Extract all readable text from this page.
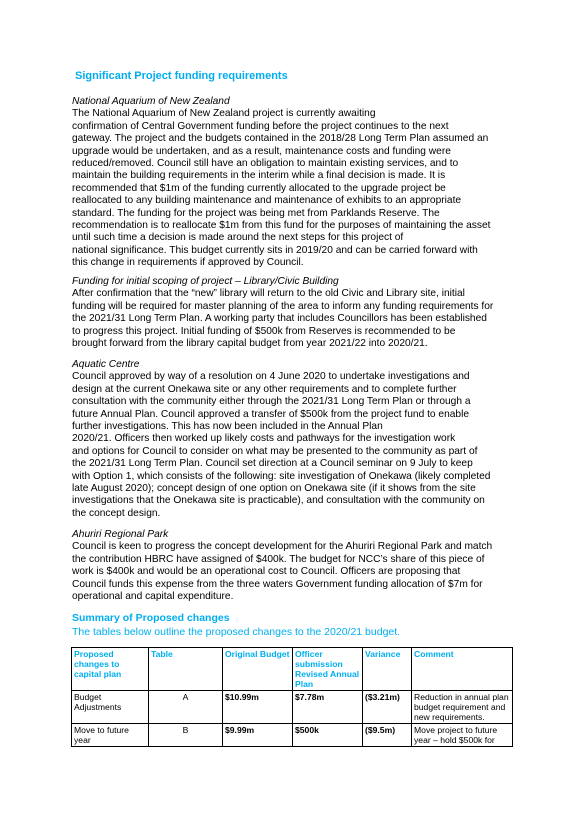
Significant Project funding requirements
National Aquarium of New Zealand
The National Aquarium of New Zealand project is currently awaiting
confirmation of Central Government funding before the project continues to the next
gateway. The project and the budgets contained in the 2018/28 Long Term Plan assumed an
upgrade would be undertaken, and as a result, maintenance costs and funding were
reduced/removed. Council still have an obligation to maintain existing services, and to
maintain the building requirements in the interim while a final decision is made. It is
recommended that $1m of the funding currently allocated to the upgrade project be
reallocated to any building maintenance and maintenance of exhibits to an appropriate
standard. The funding for the project was being met from Parklands Reserve. The
recommendation is to reallocate $1m from this fund for the purposes of maintaining the asset
until such time a decision is made around the next steps for this project of
national significance. This budget currently sits in 2019/20 and can be carried forward with
this change in requirements if approved by Council.
Funding for initial scoping of project – Library/Civic Building
After confirmation that the “new” library will return to the old Civic and Library site, initial
funding will be required for master planning of the area to inform any funding requirements for
the 2021/31 Long Term Plan. A working party that includes Councillors has been established
to progress this project. Initial funding of $500k from Reserves is recommended to be
brought forward from the library capital budget from year 2021/22 into 2020/21.
Aquatic Centre
Council approved by way of a resolution on 4 June 2020 to undertake investigations and
design at the current Onekawa site or any other requirements and to complete further
consultation with the community either through the 2021/31 Long Term Plan or through a
future Annual Plan. Council approved a transfer of $500k from the project fund to enable
further investigations. This has now been included in the Annual Plan
2020/21. Officers then worked up likely costs and pathways for the investigation work
and options for Council to consider on what may be presented to the community as part of
the 2021/31 Long Term Plan. Council set direction at a Council seminar on 9 July to keep
with Option 1, which consists of the following: site investigation of Onekawa (likely completed
late August 2020); concept design of one option on Onekawa site (if it shows from the site
investigations that the Onekawa site is practicable), and consultation with the community on
the concept design.
Ahuriri Regional Park
Council is keen to progress the concept development for the Ahuriri Regional Park and match
the contribution HBRC have assigned of $400k. The budget for NCC’s share of this piece of
work is $400k and would be an operational cost to Council. Officers are proposing that
Council funds this expense from the three waters Government funding allocation of $7m for
operational and capital expenditure.
Summary of Proposed changes
The tables below outline the proposed changes to the 2020/21 budget.
Proposed changes to capital plan	Table	Original Budget	Officer submission Revised Annual Plan	Variance	Comment
Budget Adjustments	A	$10.99m	$7.78m	($3.21m)	Reduction in annual plan budget requirement and new requirements.
Move to future year	B	$9.99m	$500k	($9.5m)	Move project to future year – hold $500k for
